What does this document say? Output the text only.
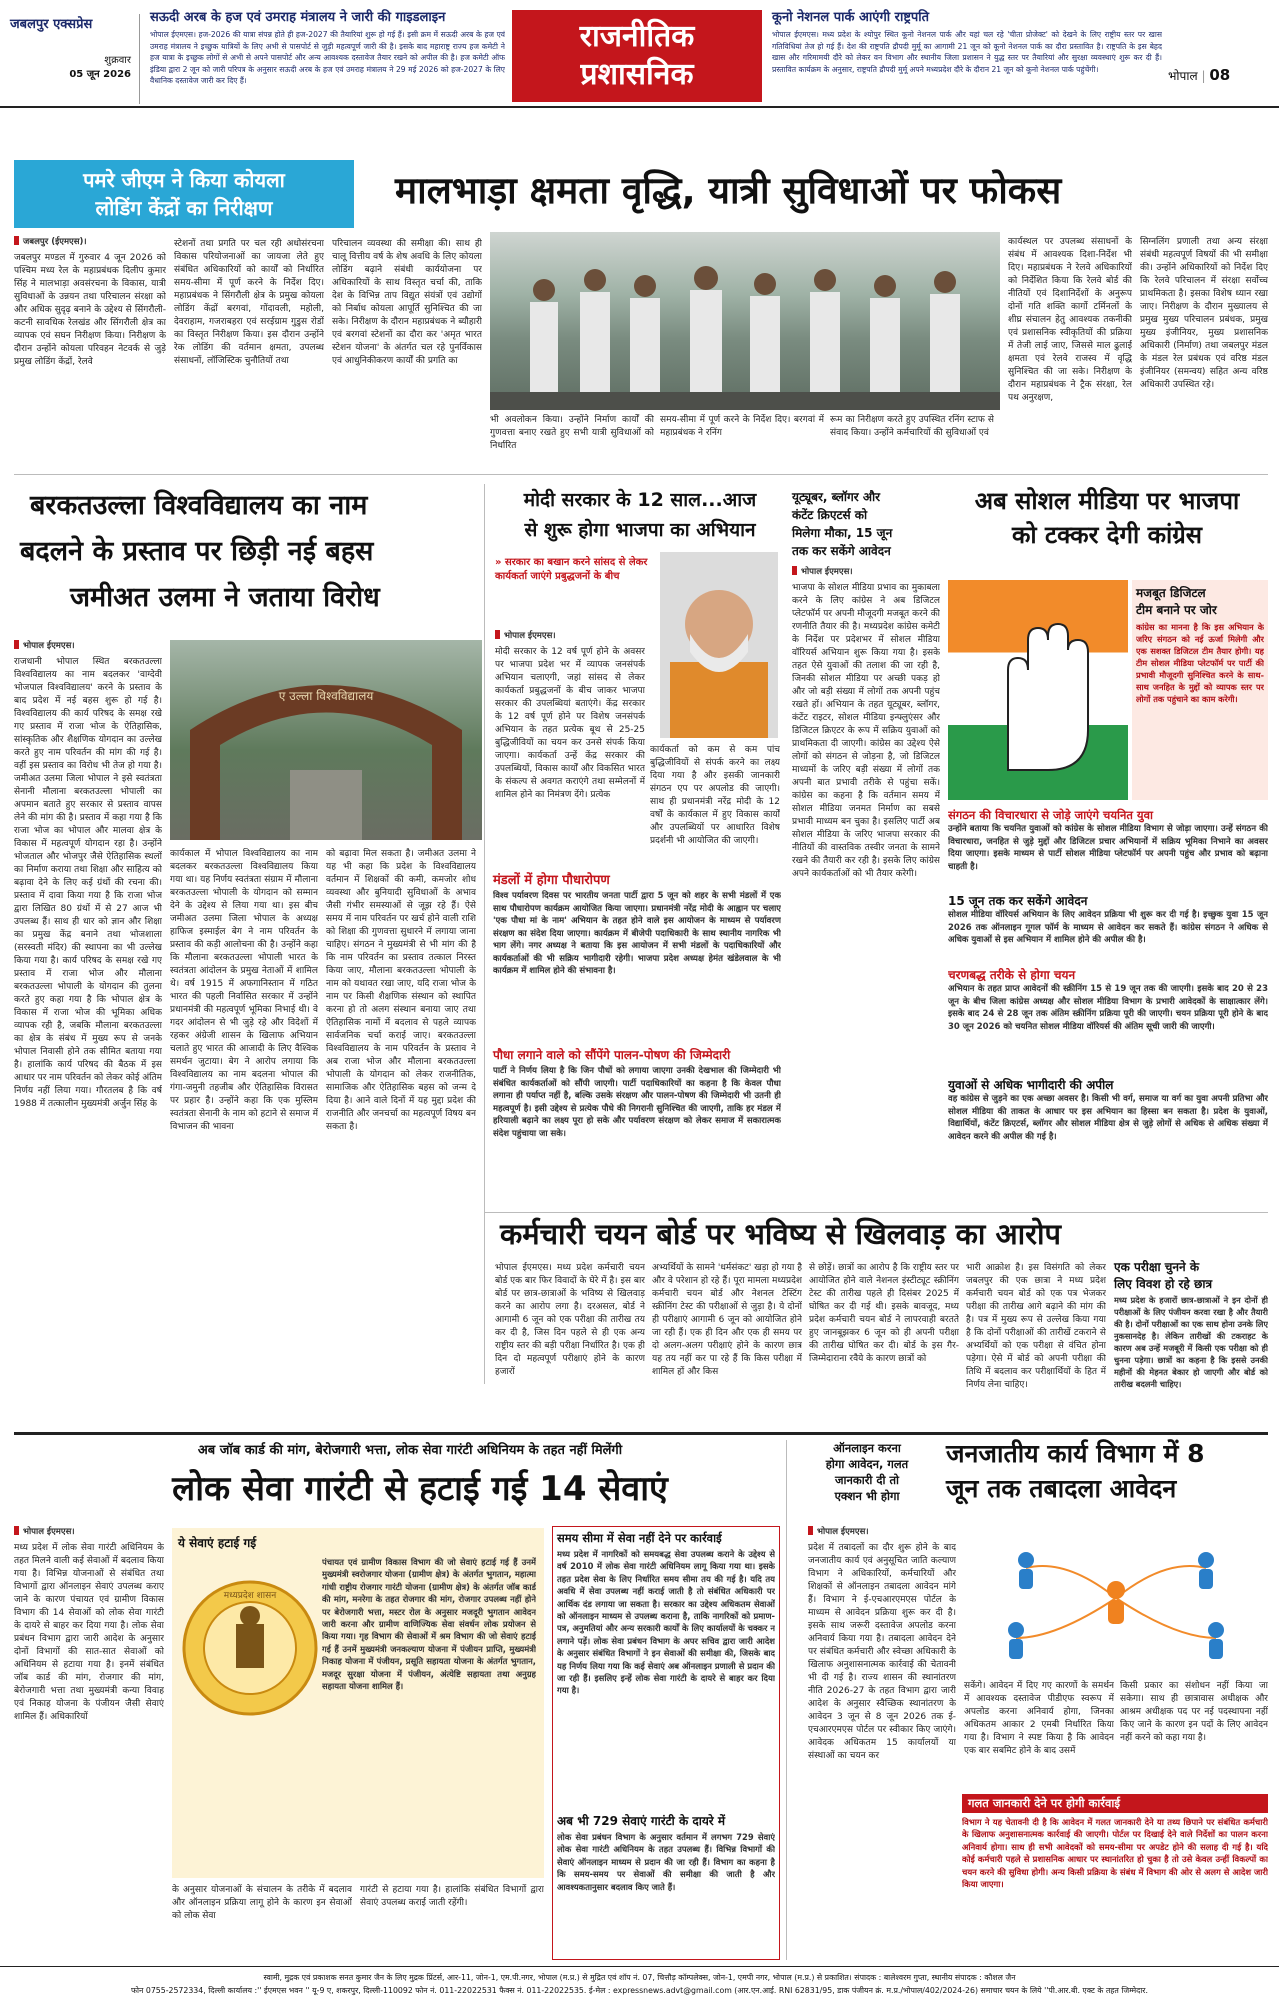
जबलपुर एक्सप्रेस
शुक्रवार
05 जून 2026
सऊदी अरब के हज एवं उमराह मंत्रालय ने जारी की गाइडलाइन
भोपाल ईएमएस। हज-2026 की यात्रा संपन्न होते ही हज-2027 की तैयारियां शुरू हो गई हैं। इसी क्रम में सऊदी अरब के हज एवं उमराह मंत्रालय ने इच्छुक यात्रियों के लिए अभी से पासपोर्ट से जुड़ी महत्वपूर्ण जारी की है। इसके बाद महाराष्ट्र राज्य हज कमेटी ने हज यात्रा के इच्छुक लोगों से अभी से अपने पासपोर्ट और अन्य आवश्यक दस्तावेज तैयार रखने को अपील की है। हज कमेटी ऑफ इंडिया द्वारा 2 जून को जारी परिपत्र के अनुसार सऊदी अरब के हज एवं उमराह मंत्रालय ने 29 मई 2026 को हज-2027 के लिए वैधानिक दस्तावेज जारी कर दिए हैं।
राजनीतिक
प्रशासनिक
कूनो नेशनल पार्क आएंगी राष्ट्रपति
भोपाल ईएमएस। मध्य प्रदेश के श्योपुर स्थित कूनो नेशनल पार्क और यहां चल रहे 'चीता प्रोजेक्ट' को देखने के लिए राष्ट्रीय स्तर पर खास गतिविधियां तेज हो गई हैं। देश की राष्ट्रपति द्रौपदी मुर्मू का आगामी 21 जून को कूनो नेशनल पार्क का दौरा प्रस्तावित है। राष्ट्रपति के इस बेहद खास और गरिमामयी दौरे को लेकर वन विभाग और स्थानीय जिला प्रशासन ने युद्ध स्तर पर तैयारियां और सुरक्षा व्यवस्थाएं शुरू कर दी हैं। प्रस्तावित कार्यक्रम के अनुसार, राष्ट्रपति द्रौपदी मुर्मू अपने मध्यप्रदेश दौरे के दौरान 21 जून को कूनो नेशनल पार्क पहुंचेंगी।	भोपाल | 08
पमरे जीएम ने किया कोयला
लोडिंग केंद्रों का निरीक्षण	मालभाड़ा क्षमता वृद्धि, यात्री सुविधाओं पर फोकस
जबलपुर (ईएमएस)।
जबलपुर मण्डल में गुरुवार 4 जून 2026 को पश्चिम मध्य रेल के महाप्रबंधक दिलीप कुमार सिंह ने मालभाड़ा अवसंरचना के विकास, यात्री सुविधाओं के उन्नयन तथा परिचालन संरक्षा को और अधिक सुदृढ़ बनाने के उद्देश्य से सिंगरौली-कटनी सावधिक रेलखंड और सिंगरौली क्षेत्र का व्यापक एवं सघन निरीक्षण किया। निरीक्षण के दौरान उन्होंने कोयला परिवहन नेटवर्क से जुड़े प्रमुख लोडिंग केंद्रों, रेलवे
स्टेशनों तथा प्रगति पर चल रही अधोसंरचना विकास परियोजनाओं का जायजा लेते हुए संबंधित अधिकारियों को कार्यों को निर्धारित समय-सीमा में पूर्ण करने के निर्देश दिए। महाप्रबंधक ने सिंगरौली क्षेत्र के प्रमुख कोयला लोडिंग केंद्रों बरगवां, गोंदावली, महोली, देवराहाम, गजराबहरा एवं सरईग्राम गुडुस रोडों का विस्तृत निरीक्षण किया। इस दौरान उन्होंने रेक लोडिंग की वर्तमान क्षमता, उपलब्ध संसाधनों, लॉजिस्टिक चुनौतियों तथा
परिचालन व्यवस्था की समीक्षा की। साथ ही चालू वित्तीय वर्ष के शेष अवधि के लिए कोयला लोडिंग बढ़ाने संबंधी कार्ययोजना पर अधिकारियों के साथ विस्तृत चर्चा की, ताकि देश के विभिन्न ताप विद्युत संयंत्रों एवं उद्योगों को निर्बाध कोयला आपूर्ति सुनिश्चित की जा सके। निरीक्षण के दौरान महाप्रबंधक ने ब्यौहारी एवं बरगवां स्टेशनों का दौरा कर 'अमृत भारत स्टेशन योजना' के अंतर्गत चल रहे पुनर्विकास एवं आधुनिकीकरण कार्यों की प्रगति का
भी अवलोकन किया। उन्होंने निर्माण कार्यों की गुणवत्ता बनाए रखते हुए सभी यात्री सुविधाओं को निर्धारित
समय-सीमा में पूर्ण करने के निर्देश दिए। बरगवां में महाप्रबंधक ने रनिंग
रूम का निरीक्षण करते हुए उपस्थित रनिंग स्टाफ से संवाद किया। उन्होंने कर्मचारियों की सुविधाओं एवं
कार्यस्थल पर उपलब्ध संसाधनों के संबंध में आवश्यक दिशा-निर्देश भी दिए। महाप्रबंधक ने रेलवे अधिकारियों को निर्देशित किया कि रेलवे बोर्ड की नीतियों एवं दिशानिर्देशों के अनुरूप दोनों गति शक्ति कार्गो टर्मिनलों के शीघ्र संचालन हेतु आवश्यक तकनीकी एवं प्रशासनिक स्वीकृतियों की प्रक्रिया में तेजी लाई जाए, जिससे माल ढुलाई क्षमता एवं रेलवे राजस्व में वृद्धि सुनिश्चित की जा सके। निरीक्षण के दौरान महाप्रबंधक ने ट्रैक संरक्षा, रेल पथ अनुरक्षण,
सिग्नलिंग प्रणाली तथा अन्य संरक्षा संबंधी महत्वपूर्ण विषयों की भी समीक्षा की। उन्होंने अधिकारियों को निर्देश दिए कि रेलवे परिचालन में संरक्षा सर्वोच्च प्राथमिकता है। इसका विशेष ध्यान रखा जाए। निरीक्षण के दौरान मुख्यालय से प्रमुख मुख्य परिचालन प्रबंधक, प्रमुख मुख्य इंजीनियर, मुख्य प्रशासनिक अधिकारी (निर्माण) तथा जबलपुर मंडल के मंडल रेल प्रबंधक एवं वरिष्ठ मंडल इंजीनियर (समन्वय) सहित अन्य वरिष्ठ अधिकारी उपस्थित रहे।
बरकतउल्ला विश्वविद्यालय का नाम
बदलने के प्रस्ताव पर छिड़ी नई बहस
जमीअत उलमा ने जताया विरोध
भोपाल ईएमएस।
राजधानी भोपाल स्थित बरकतउल्ला विश्वविद्यालय का नाम बदलकर 'वाग्देवी भोजपाल विश्वविद्यालय' करने के प्रस्ताव के बाद प्रदेश में नई बहस शुरू हो गई है। विश्वविद्यालय की कार्य परिषद के समक्ष रखे गए प्रस्ताव में राजा भोज के ऐतिहासिक, सांस्कृतिक और शैक्षणिक योगदान का उल्लेख करते हुए नाम परिवर्तन की मांग की गई है। वहीं इस प्रस्ताव का विरोध भी तेज हो गया है। जमीअत उलमा जिला भोपाल ने इसे स्वतंत्रता सेनानी मौलाना बरकतउल्ला भोपाली का अपमान बताते हुए सरकार से प्रस्ताव वापस लेने की मांग की है। प्रस्ताव में कहा गया है कि राजा भोज का भोपाल और मालवा क्षेत्र के विकास में महत्वपूर्ण योगदान रहा है। उन्होंने भोजताल और भोजपुर जैसे ऐतिहासिक स्थलों का निर्माण कराया तथा शिक्षा और साहित्य को बढ़ावा देने के लिए कई ग्रंथों की रचना की। प्रस्ताव में दावा किया गया है कि राजा भोज द्वारा लिखित 80 ग्रंथों में से 27 आज भी उपलब्ध हैं। साथ ही धार को ज्ञान और शिक्षा का प्रमुख केंद्र बनाने तथा भोजशाला (सरस्वती मंदिर) की स्थापना का भी उल्लेख किया गया है। कार्य परिषद के समक्ष रखे गए प्रस्ताव में राजा भोज और मौलाना बरकतउल्ला भोपाली के योगदान की तुलना करते हुए कहा गया है कि भोपाल क्षेत्र के विकास में राजा भोज की भूमिका अधिक व्यापक रही है, जबकि मौलाना बरकतउल्ला का क्षेत्र के संबंध में मुख्य रूप से जनके भोपाल निवासी होने तक सीमित बताया गया है। हालांकि कार्य परिषद की बैठक में इस आधार पर नाम परिवर्तन को लेकर कोई अंतिम निर्णय नहीं लिया गया। गौरतलब है कि वर्ष 1988 में तत्कालीन मुख्यमंत्री अर्जुन सिंह के
ए उल्ला विश्वविद्यालय
कार्यकाल में भोपाल विश्वविद्यालय का नाम बदलकर बरकतउल्ला विश्वविद्यालय किया गया था। यह निर्णय स्वतंत्रता संग्राम में मौलाना बरकतउल्ला भोपाली के योगदान को सम्मान देने के उद्देश्य से लिया गया था। इस बीच जमीअत उलमा जिला भोपाल के अध्यक्ष हाफिज इस्माईल बेग ने नाम परिवर्तन के प्रस्ताव की कड़ी आलोचना की है। उन्होंने कहा कि मौलाना बरकतउल्ला भोपाली भारत के स्वतंत्रता आंदोलन के प्रमुख नेताओं में शामिल थे। वर्ष 1915 में अफगानिस्तान में गठित भारत की पहली निर्वासित सरकार में उन्होंने प्रधानमंत्री की महत्वपूर्ण भूमिका निभाई थी। वे गदर आंदोलन से भी जुड़े रहे और विदेशों में रहकर अंग्रेजी शासन के खिलाफ अभियान चलाते हुए भारत की आजादी के लिए वैश्विक समर्थन जुटाया। बेग ने आरोप लगाया कि विश्वविद्यालय का नाम बदलना भोपाल की गंगा-जमुनी तहजीब और ऐतिहासिक विरासत पर प्रहार है। उन्होंने कहा कि एक मुस्लिम स्वतंत्रता सेनानी के नाम को हटाने से समाज में विभाजन की भावना
को बढ़ावा मिल सकता है। जमीअत उलमा ने यह भी कहा कि प्रदेश के विश्वविद्यालय वर्तमान में शिक्षकों की कमी, कमजोर शोध व्यवस्था और बुनियादी सुविधाओं के अभाव जैसी गंभीर समस्याओं से जूझ रहे हैं। ऐसे समय में नाम परिवर्तन पर खर्च होने वाली राशि को शिक्षा की गुणवत्ता सुधारने में लगाया जाना चाहिए। संगठन ने मुख्यमंत्री से भी मांग की है कि नाम परिवर्तन का प्रस्ताव तत्काल निरस्त किया जाए, मौलाना बरकतउल्ला भोपाली के नाम को यथावत रखा जाए, यदि राजा भोज के नाम पर किसी शैक्षणिक संस्थान को स्थापित करना हो तो अलग संस्थान बनाया जाए तथा ऐतिहासिक नामों में बदलाव से पहले व्यापक सार्वजनिक चर्चा कराई जाए। बरकतउल्ला विश्वविद्यालय के नाम परिवर्तन के प्रस्ताव ने अब राजा भोज और मौलाना बरकतउल्ला भोपाली के योगदान को लेकर राजनीतिक, सामाजिक और ऐतिहासिक बहस को जन्म दे दिया है। आने वाले दिनों में यह मुद्दा प्रदेश की राजनीति और जनचर्चा का महत्वपूर्ण विषय बन सकता है।
मोदी सरकार के 12 साल...आज
से शुरू होगा भाजपा का अभियान
» सरकार का बखान करने सांसद से लेकर कार्यकर्ता जाएंगे प्रबुद्धजनों के बीच
भोपाल ईएमएस।
मोदी सरकार के 12 वर्ष पूर्ण होने के अवसर पर भाजपा प्रदेश भर में व्यापक जनसंपर्क अभियान चलाएगी, जहां सांसद से लेकर कार्यकर्ता प्रबुद्धजनों के बीच जाकर भाजपा सरकार की उपलब्धियां बताएंगे। केंद्र सरकार के 12 वर्ष पूर्ण होने पर विशेष जनसंपर्क अभियान के तहत प्रत्येक बूथ से 25-25 बुद्धिजीवियों का चयन कर उनसे संपर्क किया जाएगा। कार्यकर्ता उन्हें केंद्र सरकार की उपलब्धियों, विकास कार्यों और विकसित भारत के संकल्प से अवगत कराएंगे तथा सम्मेलनों में शामिल होने का निमंत्रण देंगे। प्रत्येक
कार्यकर्ता को कम से कम पांच बुद्धिजीवियों से संपर्क करने का लक्ष्य दिया गया है और इसकी जानकारी संगठन एप पर अपलोड की जाएगी। साथ ही प्रधानमंत्री नरेंद्र मोदी के 12 वर्षों के कार्यकाल में हुए विकास कार्यों और उपलब्धियों पर आधारित विशेष प्रदर्शनी भी आयोजित की जाएगी।
मंडलों में होगा पौधारोपण
विश्व पर्यावरण दिवस पर भारतीय जनता पार्टी द्वारा 5 जून को शहर के सभी मंडलों में एक साथ पौधारोपण कार्यक्रम आयोजित किया जाएगा। प्रधानमंत्री नरेंद्र मोदी के आह्वान पर चलाए 'एक पौधा मां के नाम' अभियान के तहत होने वाले इस आयोजन के माध्यम से पर्यावरण संरक्षण का संदेश दिया जाएगा। कार्यक्रम में बीजेपी पदाधिकारी के साथ स्थानीय नागरिक भी भाग लेंगे। नगर अध्यक्ष ने बताया कि इस आयोजन में सभी मंडलों के पदाधिकारियों और कार्यकर्ताओं की भी सक्रिय भागीदारी रहेगी। भाजपा प्रदेश अध्यक्ष हेमंत खंडेलवाल के भी कार्यक्रम में शामिल होने की संभावना है।
पौधा लगाने वाले को सौंपेंगे पालन-पोषण की जिम्मेदारी
पार्टी ने निर्णय लिया है कि जिन पौधों को लगाया जाएगा उनकी देखभाल की जिम्मेदारी भी संबंधित कार्यकर्ताओं को सौंपी जाएगी। पार्टी पदाधिकारियों का कहना है कि केवल पौधा लगाना ही पर्याप्त नहीं है, बल्कि उसके संरक्षण और पालन-पोषण की जिम्मेदारी भी उतनी ही महत्वपूर्ण है। इसी उद्देश्य से प्रत्येक पौधे की निगरानी सुनिश्चित की जाएगी, ताकि हर मंडल में हरियाली बढ़ाने का लक्ष्य पूरा हो सके और पर्यावरण संरक्षण को लेकर समाज में सकारात्मक संदेश पहुंचाया जा सके।
यूट्यूबर, ब्लॉगर और
कंटेंट क्रिएटर्स को
मिलेगा मौका, 15 जून
तक कर सकेंगे आवेदन
अब सोशल मीडिया पर भाजपा
को टक्कर देगी कांग्रेस
भोपाल ईएमएस।
भाजपा के सोशल मीडिया प्रभाव का मुकाबला करने के लिए कांग्रेस ने अब डिजिटल प्लेटफॉर्म पर अपनी मौजूदगी मजबूत करने की रणनीति तैयार की है। मध्यप्रदेश कांग्रेस कमेटी के निर्देश पर प्रदेशभर में सोशल मीडिया वॉरियर्स अभियान शुरू किया गया है। इसके तहत ऐसे युवाओं की तलाश की जा रही है, जिनकी सोशल मीडिया पर अच्छी पकड़ हो और जो बड़ी संख्या में लोगों तक अपनी पहुंच रखते हों। अभियान के तहत यूट्यूबर, ब्लॉगर, कंटेंट राइटर, सोशल मीडिया इन्फ्लुएंसर और डिजिटल क्रिएटर के रूप में सक्रिय युवाओं को प्राथमिकता दी जाएगी। कांग्रेस का उद्देश्य ऐसे लोगों को संगठन से जोड़ना है, जो डिजिटल माध्यमों के जरिए बड़ी संख्या में लोगों तक अपनी बात प्रभावी तरीके से पहुंचा सकें। कांग्रेस का कहना है कि वर्तमान समय में सोशल मीडिया जनमत निर्माण का सबसे प्रभावी माध्यम बन चुका है। इसलिए पार्टी अब सोशल मीडिया के जरिए भाजपा सरकार की नीतियों की वास्तविक तस्वीर जनता के सामने रखने की तैयारी कर रही है। इसके लिए कांग्रेस अपने कार्यकर्ताओं को भी तैयार करेगी।
मजबूत डिजिटल
टीम बनाने पर जोर
कांग्रेस का मानना है कि इस अभियान के जरिए संगठन को नई ऊर्जा मिलेगी और एक सशक्त डिजिटल टीम तैयार होगी। यह टीम सोशल मीडिया प्लेटफॉर्म पर पार्टी की प्रभावी मौजूदगी सुनिश्चित करने के साथ-साथ जनहित के मुद्दों को व्यापक स्तर पर लोगों तक पहुंचाने का काम करेगी।
संगठन की विचारधारा से जोड़े जाएंगे चयनित युवा
उन्होंने बताया कि चयनित युवाओं को कांग्रेस के सोशल मीडिया विभाग से जोड़ा जाएगा। उन्हें संगठन की विचारधारा, जनहित से जुड़े मुद्दों और डिजिटल प्रचार अभियानों में सक्रिय भूमिका निभाने का अवसर दिया जाएगा। इसके माध्यम से पार्टी सोशल मीडिया प्लेटफॉर्म पर अपनी पहुंच और प्रभाव को बढ़ाना चाहती है।
15 जून तक कर सकेंगे आवेदन
सोशल मीडिया वॉरियर्स अभियान के लिए आवेदन प्रक्रिया भी शुरू कर दी गई है। इच्छुक युवा 15 जून 2026 तक ऑनलाइन गूगल फॉर्म के माध्यम से आवेदन कर सकते हैं। कांग्रेस संगठन ने अधिक से अधिक युवाओं से इस अभियान में शामिल होने की अपील की है।
चरणबद्ध तरीके से होगा चयन
अभियान के तहत प्राप्त आवेदनों की स्क्रीनिंग 15 से 19 जून तक की जाएगी। इसके बाद 20 से 23 जून के बीच जिला कांग्रेस अध्यक्ष और सोशल मीडिया विभाग के प्रभारी आवेदकों के साक्षात्कार लेंगे। इसके बाद 24 से 28 जून तक अंतिम स्क्रीनिंग प्रक्रिया पूरी की जाएगी। चयन प्रक्रिया पूरी होने के बाद 30 जून 2026 को चयनित सोशल मीडिया वॉरियर्स की अंतिम सूची जारी की जाएगी।
युवाओं से अधिक भागीदारी की अपील
वह कांग्रेस से जुड़ने का एक अच्छा अवसर है। किसी भी वर्ग, समाज या वर्ग का युवा अपनी प्रतिभा और सोशल मीडिया की ताकत के आधार पर इस अभियान का हिस्सा बन सकता है। प्रदेश के युवाओं, विद्यार्थियों, कंटेंट क्रिएटर्स, ब्लॉगर और सोशल मीडिया क्षेत्र से जुड़े लोगों से अधिक से अधिक संख्या में आवेदन करने की अपील की गई है।
कर्मचारी चयन बोर्ड पर भविष्य से खिलवाड़ का आरोप
भोपाल ईएमएस। मध्य प्रदेश कर्मचारी चयन बोर्ड एक बार फिर विवादों के घेरे में है। इस बार बोर्ड पर छात्र-छात्राओं के भविष्य से खिलवाड़ करने का आरोप लगा है। दरअसल, बोर्ड ने आगामी 6 जून को एक परीक्षा की तारीख तय कर दी है, जिस दिन पहले से ही एक अन्य राष्ट्रीय स्तर की बड़ी परीक्षा निर्धारित है। एक ही दिन दो महत्वपूर्ण परीक्षाएं होने के कारण हजारों
अभ्यर्थियों के सामने 'धर्मसंकट' खड़ा हो गया है और वे परेशान हो रहे हैं। पूरा मामला मध्यप्रदेश कर्मचारी चयन बोर्ड और नेशनल टेस्टिंग स्क्रीनिंग टेस्ट की परीक्षाओं से जुड़ा है। ये दोनों ही परीक्षाएं आगामी 6 जून को आयोजित होने जा रही हैं। एक ही दिन और एक ही समय पर दो अलग-अलग परीक्षाएं होने के कारण छात्र यह तय नहीं कर पा रहे हैं कि किस परीक्षा में शामिल हों और किस
से छोड़ें। छात्रों का आरोप है कि राष्ट्रीय स्तर पर आयोजित होने वाले नेशनल इंस्टीट्यूट स्क्रीनिंग टेस्ट की तारीख पहले ही दिसंबर 2025 में घोषित कर दी गई थी। इसके बावजूद, मध्य प्रदेश कर्मचारी चयन बोर्ड ने लापरवाही बरतते हुए जानबूझकर 6 जून को ही अपनी परीक्षा की तारीख घोषित कर दी। बोर्ड के इस गैर-जिम्मेदाराना रवैये के कारण छात्रों को
भारी आक्रोश है। इस विसंगति को लेकर जबलपुर की एक छात्रा ने मध्य प्रदेश कर्मचारी चयन बोर्ड को एक पत्र भेजकर परीक्षा की तारीख आगे बढ़ाने की मांग की है। पत्र में मुख्य रूप से उल्लेख किया गया है कि दोनों परीक्षाओं की तारीखें टकराने से अभ्यर्थियों को एक परीक्षा से वंचित होना पड़ेगा। ऐसे में बोर्ड को अपनी परीक्षा की तिथि में बदलाव कर परीक्षार्थियों के हित में निर्णय लेना चाहिए।
एक परीक्षा चुनने के
लिए विवश हो रहे छात्र
मध्य प्रदेश के हजारों छात्र-छात्राओं ने इन दोनों ही परीक्षाओं के लिए पंजीयन करवा रखा है और तैयारी की है। दोनों परीक्षाओं का एक साथ होना उनके लिए नुकसानदेह है। लेकिन तारीखों की टकराहट के कारण अब उन्हें मजबूरी में किसी एक परीक्षा को ही चुनना पड़ेगा। छात्रों का कहना है कि इससे उनकी महीनों की मेहनत बेकार हो जाएगी और बोर्ड को तारीख बदलनी चाहिए।
अब जॉब कार्ड की मांग, बेरोजगारी भत्ता, लोक सेवा गारंटी अधिनियम के तहत नहीं मिलेंगी
लोक सेवा गारंटी से हटाई गई 14 सेवाएं
भोपाल ईएमएस।
मध्य प्रदेश में लोक सेवा गारंटी अधिनियम के तहत मिलने वाली कई सेवाओं में बदलाव किया गया है। विभिन्न योजनाओं से संबंधित तथा विभागों द्वारा ऑनलाइन सेवाएं उपलब्ध कराए जाने के कारण पंचायत एवं ग्रामीण विकास विभाग की 14 सेवाओं को लोक सेवा गारंटी के दायरे से बाहर कर दिया गया है। लोक सेवा प्रबंधन विभाग द्वारा जारी आदेश के अनुसार दोनों विभागों की सात-सात सेवाओं को अधिनियम से हटाया गया है। इनमें संबंधित जॉब कार्ड की मांग, रोजगार की मांग, बेरोजगारी भत्ता तथा मुख्यमंत्री कन्या विवाह एवं निकाह योजना के पंजीयन जैसी सेवाएं शामिल हैं। अधिकारियों
ये सेवाएं हटाई गई
मध्यप्रदेश शासन
पंचायत एवं ग्रामीण विकास विभाग की जो सेवाएं हटाई गई हैं उनमें मुख्यमंत्री स्वरोजगार योजना (ग्रामीण क्षेत्र) के अंतर्गत भुगतान, महात्मा गांधी राष्ट्रीय रोजगार गारंटी योजना (ग्रामीण क्षेत्र) के अंतर्गत जॉब कार्ड की मांग, मनरेगा के तहत रोजगार की मांग, रोजगार उपलब्ध नहीं होने पर बेरोजगारी भत्ता, मस्टर रोल के अनुसार मजदूरी भुगतान आवेदन जारी करना और ग्रामीण वाणिज्यिक सेवा संवर्धन लोक प्रयोजन से किया गया। गृह विभाग की सेवाओं में श्रम विभाग की जो सेवाएं हटाई गई हैं उनमें मुख्यमंत्री जनकल्याण योजना में पंजीयन प्राप्ति, मुख्यमंत्री निकाह योजना में पंजीयन, प्रसूति सहायता योजना के अंतर्गत भुगतान, मजदूर सुरक्षा योजना में पंजीयन, अंत्येष्टि सहायता तथा अनुग्रह सहायता योजना शामिल हैं।
के अनुसार योजनाओं के संचालन के तरीके में बदलाव और ऑनलाइन प्रक्रिया लागू होने के कारण इन सेवाओं को लोक सेवा
गारंटी से हटाया गया है। हालांकि संबंधित विभागों द्वारा सेवाएं उपलब्ध कराई जाती रहेंगी।
समय सीमा में सेवा नहीं देने पर कार्रवाई
मध्य प्रदेश में नागरिकों को समयबद्ध सेवा उपलब्ध कराने के उद्देश्य से वर्ष 2010 में लोक सेवा गारंटी अधिनियम लागू किया गया था। इसके तहत प्रदेश सेवा के लिए निर्धारित समय सीमा तय की गई है। यदि तय अवधि में सेवा उपलब्ध नहीं कराई जाती है तो संबंधित अधिकारी पर आर्थिक दंड लगाया जा सकता है। सरकार का उद्देश्य अधिकतम सेवाओं को ऑनलाइन माध्यम से उपलब्ध कराना है, ताकि नागरिकों को प्रमाण-पत्र, अनुमतियां और अन्य सरकारी कार्यों के लिए कार्यालयों के चक्कर न लगाने पड़ें। लोक सेवा प्रबंधन विभाग के अपर सचिव द्वारा जारी आदेश के अनुसार संबंधित विभागों ने इन सेवाओं की समीक्षा की, जिसके बाद यह निर्णय लिया गया कि कई सेवाएं अब ऑनलाइन प्रणाली से प्रदान की जा रही हैं। इसलिए इन्हें लोक सेवा गारंटी के दायरे से बाहर कर दिया गया है।
अब भी 729 सेवाएं गारंटी के दायरे में
लोक सेवा प्रबंधन विभाग के अनुसार वर्तमान में लगभग 729 सेवाएं लोक सेवा गारंटी अधिनियम के तहत उपलब्ध हैं। विभिन्न विभागों की सेवाएं ऑनलाइन माध्यम से प्रदान की जा रही हैं। विभाग का कहना है कि समय-समय पर सेवाओं की समीक्षा की जाती है और आवश्यकतानुसार बदलाव किए जाते हैं।
ऑनलाइन करना
होगा आवेदन, गलत
जानकारी दी तो
एक्शन भी होगा
जनजातीय कार्य विभाग में 8
जून तक तबादला आवेदन
भोपाल ईएमएस।
प्रदेश में तबादलों का दौर शुरू होने के बाद जनजातीय कार्य एवं अनुसूचित जाति कल्याण विभाग ने अधिकारियों, कर्मचारियों और शिक्षकों से ऑनलाइन तबादला आवेदन मांगे हैं। विभाग ने ई-एचआरएमएस पोर्टल के माध्यम से आवेदन प्रक्रिया शुरू कर दी है। इसके साथ जरूरी दस्तावेज अपलोड करना अनिवार्य किया गया है। तबादला आवेदन देने पर संबंधित कर्मचारी और स्वेच्छा अधिकारी के खिलाफ अनुशासनात्मक कार्रवाई की चेतावनी भी दी गई है। राज्य शासन की स्थानांतरण नीति 2026-27 के तहत विभाग द्वारा जारी आदेश के अनुसार स्वैच्छिक स्थानांतरण के आवेदन 3 जून से 8 जून 2026 तक ई-एचआरएमएस पोर्टल पर स्वीकार किए जाएंगे। आवेदक अधिकतम 15 कार्यालयों या संस्थाओं का चयन कर
सकेंगे। आवेदन में दिए गए कारणों के समर्थन में आवश्यक दस्तावेज पीडीएफ स्वरूप में अपलोड करना अनिवार्य होगा, जिनका अधिकतम आकार 2 एमबी निर्धारित किया गया है। विभाग ने स्पष्ट किया है कि आवेदन एक बार सबमिट होने के बाद उसमें
किसी प्रकार का संशोधन नहीं किया जा सकेगा। साथ ही छात्रावास अधीक्षक और आश्रम अधीक्षक पद पर नई पदस्थापना नहीं किए जाने के कारण इन पदों के लिए आवेदन नहीं करने को कहा गया है।
गलत जानकारी देने पर होगी कार्रवाई
विभाग ने यह चेतावनी दी है कि आवेदन में गलत जानकारी देने या तथ्य छिपाने पर संबंधित कर्मचारी के खिलाफ अनुशासनात्मक कार्रवाई की जाएगी। पोर्टल पर दिखाई देने वाले निर्देशों का पालन करना अनिवार्य होगा। साथ ही सभी आवेदकों को समय-सीमा पर अपडेट होने की सलाह दी गई है। यदि कोई कर्मचारी पहले से प्रशासनिक आधार पर स्थानांतरित हो चुका है तो उसे केवल उन्हीं विकल्पों का चयन करने की सुविधा होगी। अन्य किसी प्रक्रिया के संबंध में विभाग की ओर से अलग से आदेश जारी किया जाएगा।
स्वामी, मुद्रक एवं प्रकाशक सनत कुमार जैन के लिए मुद्रक प्रिंटर्स, आर-11, जोन-1, एम.पी.नगर, भोपाल (म.प्र.) से मुद्रित एवं शॉप नं. 07, चित्तौड़ कॉम्पलेक्स, जोन-1, एमपी नगर, भोपाल (म.प्र.) से प्रकाशित। संपादक : बालेश्वरम गुप्ता, स्थानीय संपादक : कौशल जैन
फोन 0755-2572334, दिल्ली कार्यालय :'' ईएमएस भवन '' यू-9 ए, शकरपुर, दिल्ली-110092 फोन नं. 011-22022531 फैक्स नं. 011-22022535. ई-मेल : expressnews.advt@gmail.com (आर.एन.आई. RNI 62831/95, डाक पंजीयन क्रं. म.प्र./भोपाल/402/2024-26) समाचार चयन के लिये ''पी.आर.बी. एक्ट के तहत जिम्मेदार.
